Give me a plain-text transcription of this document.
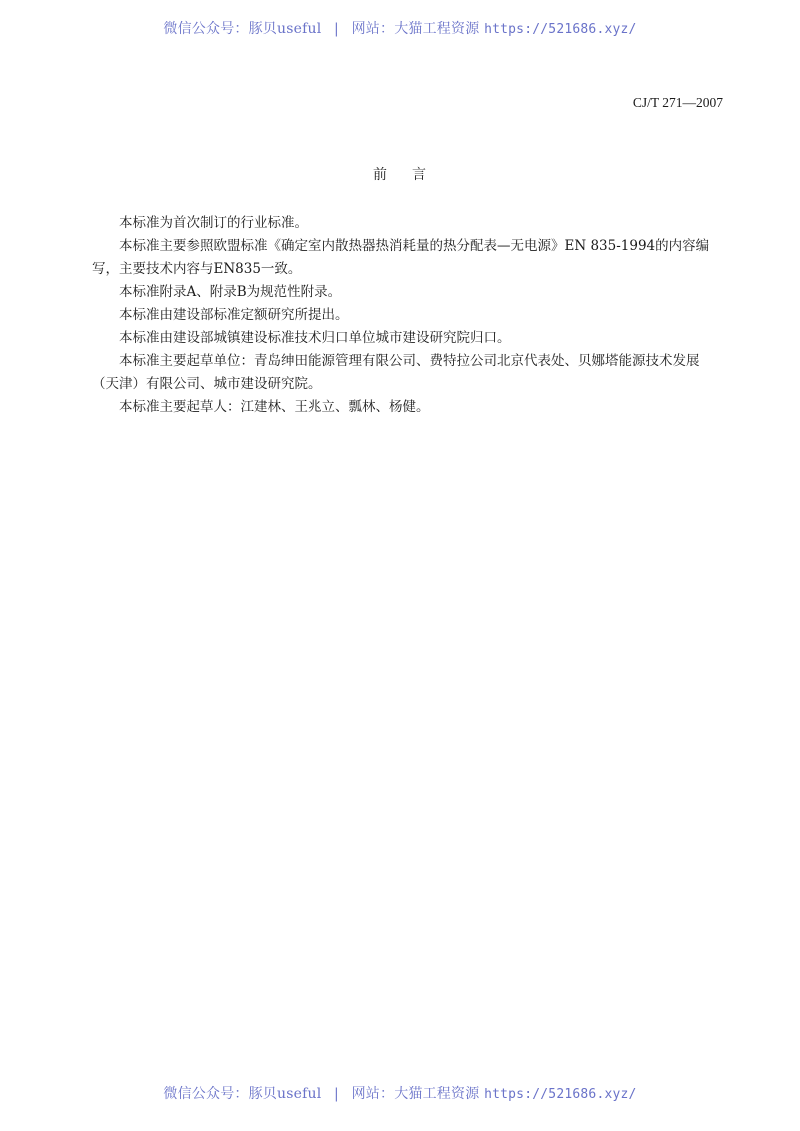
微信公众号：豚贝useful | 网站：大猫工程资源 https://521686.xyz/
CJ/T 271—2007
前 言

本标准为首次制订的行业标准。

本标准主要参照欧盟标准《确定室内散热器热消耗量的热分配表—无电源》EN 835-1994的内容编写，主要技术内容与EN835一致。

本标准附录A、附录B为规范性附录。

本标准由建设部标准定额研究所提出。

本标准由建设部城镇建设标准技术归口单位城市建设研究院归口。

本标准主要起草单位：青岛绅田能源管理有限公司、费特拉公司北京代表处、贝娜塔能源技术发展（天津）有限公司、城市建设研究院。

本标准主要起草人：江建林、王兆立、瓢林、杨健。

微信公众号：豚贝useful | 网站：大猫工程资源 https://521686.xyz/
